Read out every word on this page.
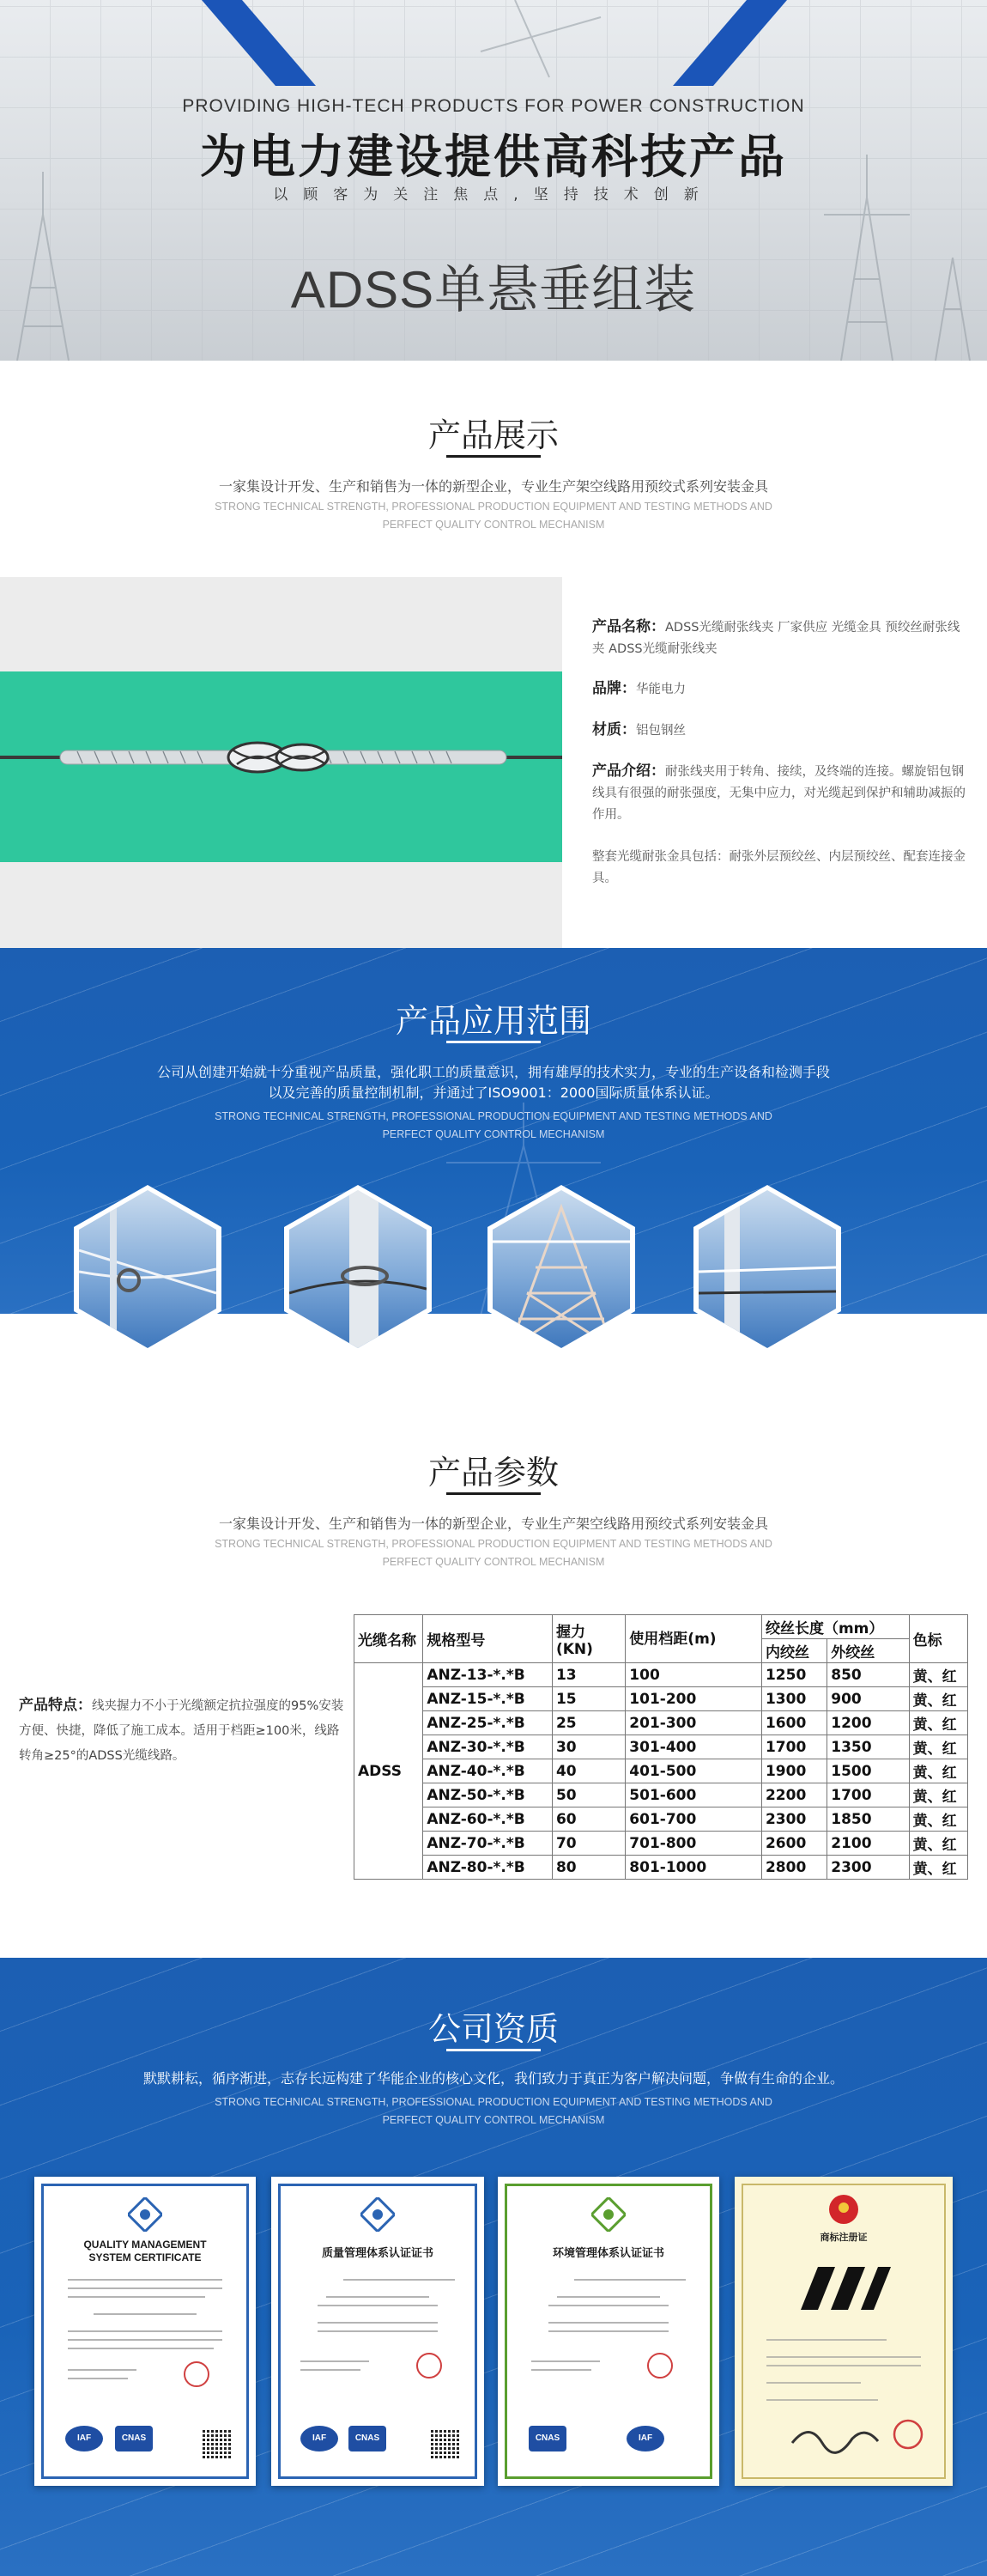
PROVIDING HIGH-TECH PRODUCTS FOR POWER CONSTRUCTION
为电力建设提供高科技产品
以顾客为关注焦点,坚持技术创新
ADSS单悬垂组装
产品展示
一家集设计开发、生产和销售为一体的新型企业，专业生产架空线路用预绞式系列安装金具
STRONG TECHNICAL STRENGTH, PROFESSIONAL PRODUCTION EQUIPMENT AND TESTING METHODS AND PERFECT QUALITY CONTROL MECHANISM
产品名称：ADSS光缆耐张线夹 厂家供应 光缆金具 预绞丝耐张线夹 ADSS光缆耐张线夹
品牌：华能电力
材质：铝包钢丝
产品介绍：耐张线夹用于转角、接续，及终端的连接。螺旋铝包钢线具有很强的耐张强度，无集中应力，对光缆起到保护和辅助减振的作用。
整套光缆耐张金具包括：耐张外层预绞丝、内层预绞丝、配套连接金具。
产品应用范围
公司从创建开始就十分重视产品质量，强化职工的质量意识，拥有雄厚的技术实力，专业的生产设备和检测手段
以及完善的质量控制机制，并通过了ISO9001：2000国际质量体系认证。
STRONG TECHNICAL STRENGTH, PROFESSIONAL PRODUCTION EQUIPMENT AND TESTING METHODS AND PERFECT QUALITY CONTROL MECHANISM
产品参数
一家集设计开发、生产和销售为一体的新型企业，专业生产架空线路用预绞式系列安装金具
STRONG TECHNICAL STRENGTH, PROFESSIONAL PRODUCTION EQUIPMENT AND TESTING METHODS AND PERFECT QUALITY CONTROL MECHANISM
产品特点：线夹握力不小于光缆额定抗拉强度的95%安装方便、快捷，降低了施工成本。适用于档距≥100米，线路转角≥25°的ADSS光缆线路。
光缆名称	规格型号	握力(KN)	使用档距(m)	绞丝长度（mm）		色标
				内绞丝	外绞丝	
ADSS	ANZ-13-*.*B	13	100	1250	850	黄、红
	ANZ-15-*.*B	15	101-200	1300	900	黄、红
	ANZ-25-*.*B	25	201-300	1600	1200	黄、红
	ANZ-30-*.*B	30	301-400	1700	1350	黄、红
	ANZ-40-*.*B	40	401-500	1900	1500	黄、红
	ANZ-50-*.*B	50	501-600	2200	1700	黄、红
	ANZ-60-*.*B	60	601-700	2300	1850	黄、红
	ANZ-70-*.*B	70	701-800	2600	2100	黄、红
	ANZ-80-*.*B	80	801-1000	2800	2300	黄、红
公司资质
默默耕耘，循序渐进，志存长远构建了华能企业的核心文化，我们致力于真正为客户解决问题，争做有生命的企业。
STRONG TECHNICAL STRENGTH, PROFESSIONAL PRODUCTION EQUIPMENT AND TESTING METHODS AND PERFECT QUALITY CONTROL MECHANISM
QUALITY MANAGEMENT
SYSTEM CERTIFICATE
IAF	CNAS
质量管理体系认证证书
IAF	CNAS
环境管理体系认证证书
CNAS	IAF
商标注册证
